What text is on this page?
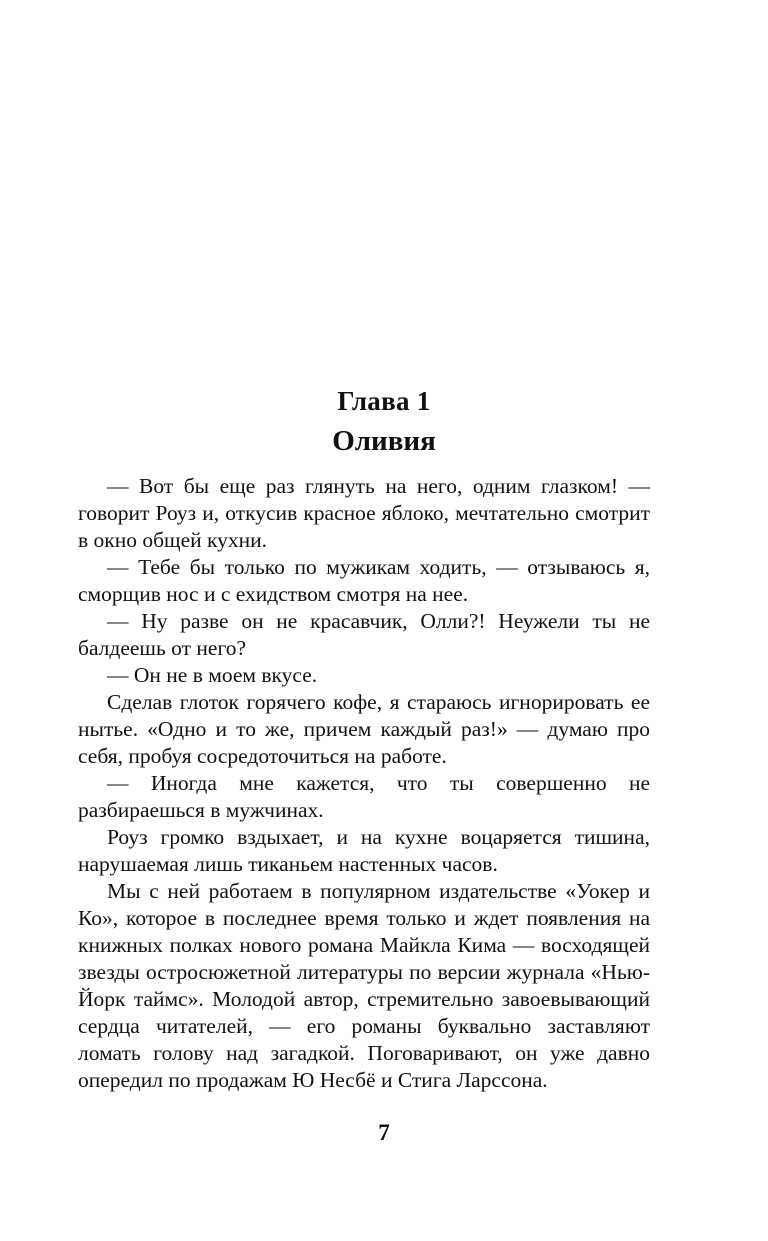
Глава 1
Оливия

— Вот бы еще раз глянуть на него, одним глазком! — говорит Роуз и, откусив красное яблоко, мечтательно смотрит в окно общей кухни.

— Тебе бы только по мужикам ходить, — отзываюсь я, сморщив нос и с ехидством смотря на нее.

— Ну разве он не красавчик, Олли?! Неужели ты не балдеешь от него?

— Он не в моем вкусе.

Сделав глоток горячего кофе, я стараюсь игнорировать ее нытье. «Одно и то же, причем каждый раз!» — думаю про себя, пробуя сосредоточиться на работе.

— Иногда мне кажется, что ты совершенно не разбираешься в мужчинах.

Роуз громко вздыхает, и на кухне воцаряется тишина, нарушаемая лишь тиканьем настенных часов.

Мы с ней работаем в популярном издательстве «Уокер и Ко», которое в последнее время только и ждет появления на книжных полках нового романа Майкла Кима — восходящей звезды остросюжетной литературы по версии журнала «Нью-Йорк таймс». Молодой автор, стремительно завоевывающий сердца читателей, — его романы буквально заставляют ломать голову над загадкой. Поговаривают, он уже давно опередил по продажам Ю Несбё и Стига Ларссона.

7
